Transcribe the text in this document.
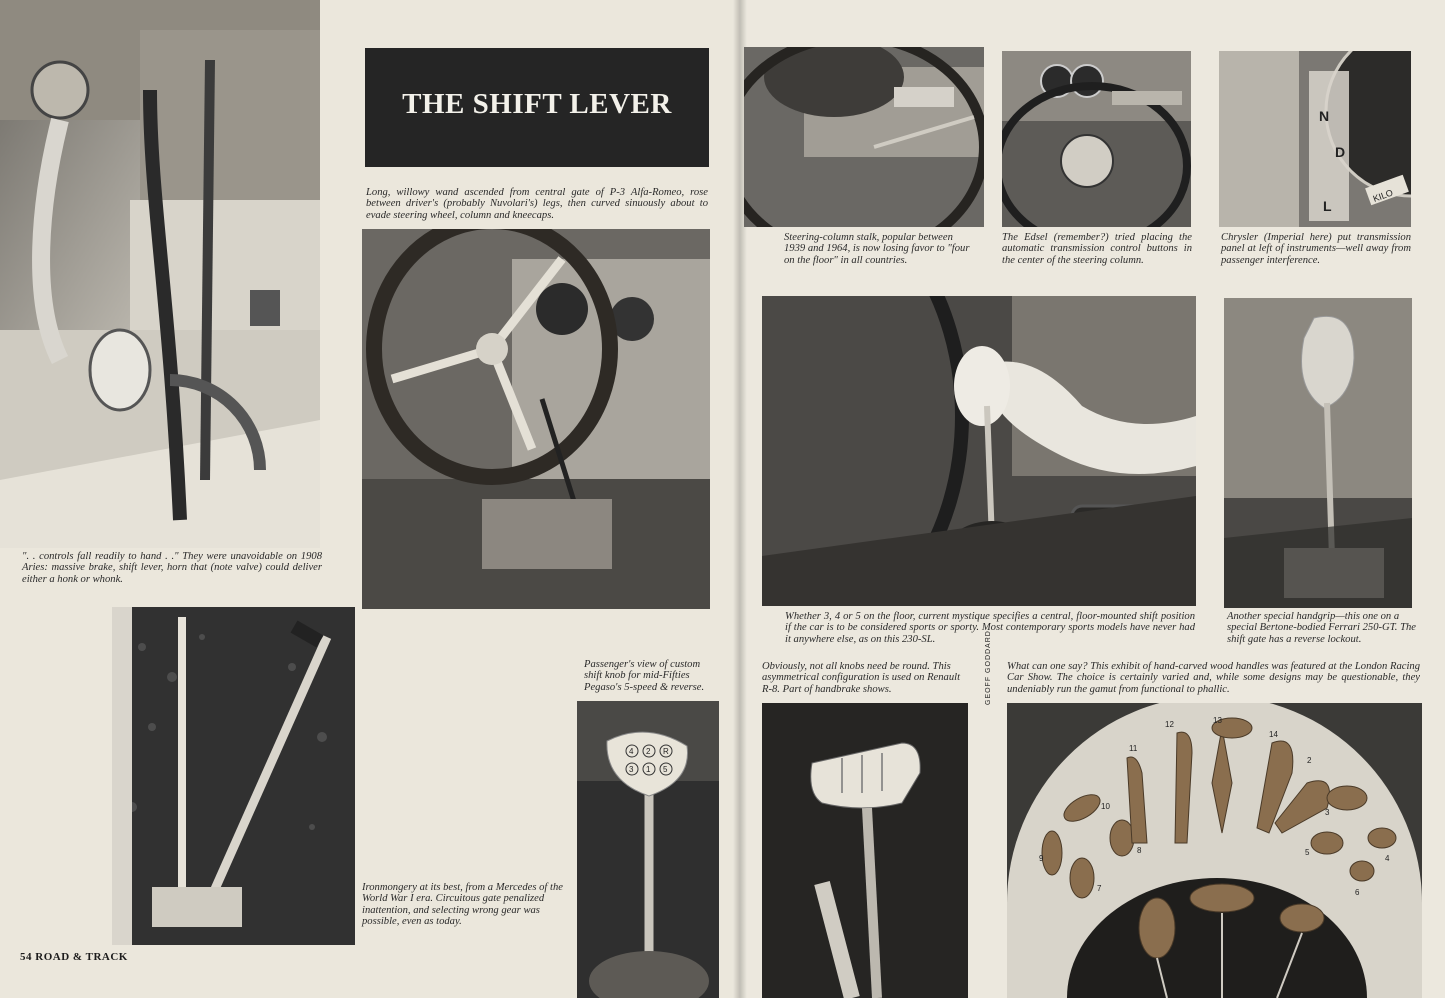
". . controls fall readily to hand . ." They were unavoidable on 1908 Aries: massive brake, shift lever, horn that (note valve) could deliver either a honk or whonk.
THE SHIFT LEVER
Long, willowy wand ascended from central gate of P-3 Alfa-Romeo, rose between driver's (probably Nuvolari's) legs, then curved sinuously about to evade steering wheel, column and kneecaps.
Ironmongery at its best, from a Mercedes of the World War I era. Circuitous gate penalized inattention, and selecting wrong gear was possible, even as today.
Passenger's view of custom shift knob for mid-Fifties Pegaso's 5-speed & reverse.
4 2
3 1 5
R
54 ROAD & TRACK
Steering-column stalk, popular between 1939 and 1964, is now losing favor to "four on the floor" in all countries.
The Edsel (remember?) tried placing the automatic transmission control buttons in the center of the steering column.
N
D
L
KILO
Chrysler (Imperial here) put transmission panel at left of instruments—well away from passenger interference.
Whether 3, 4 or 5 on the floor, current mystique specifies a central, floor-mounted shift position if the car is to be considered sports or sporty. Most contemporary sports models have never had it anywhere else, as on this 230-SL.
Another special handgrip—this one on a special Bertone-bodied Ferrari 250-GT. The shift gate has a reverse lockout.
Obviously, not all knobs need be round. This asymmetrical configuration is used on Renault R-8. Part of handbrake shows.
What can one say? This exhibit of hand-carved wood handles was featured at the London Racing Car Show. The choice is certainly varied and, while some designs may be questionable, they undeniably run the gamut from functional to phallic.
GEOFF GODDARD
11
12	13
14
2
3
4
5
6
7
8
9
10
